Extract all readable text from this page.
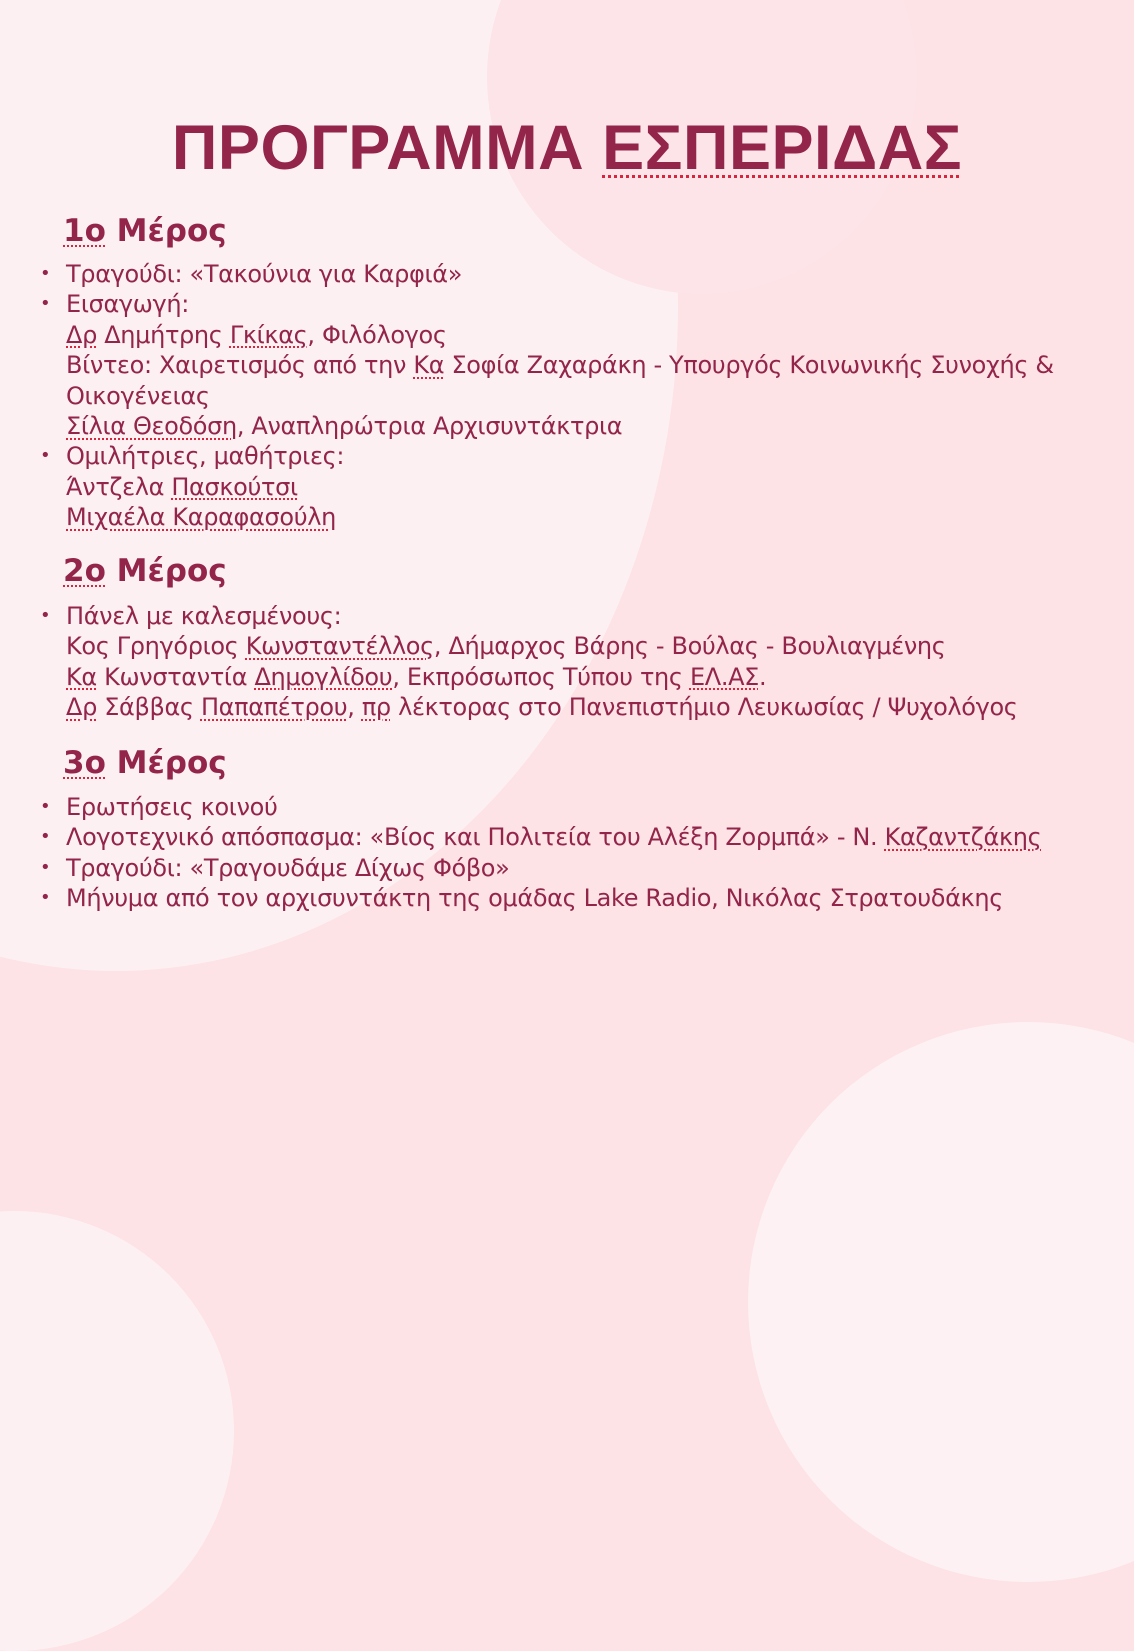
ΠΡΟΓΡΑΜΜΑ ΕΣΠΕΡΙΔΑΣ
1ο Μέρος
• Τραγούδι: «Τακούνια για Καρφιά»
• Εισαγωγή:
Δρ Δημήτρης Γκίκας, Φιλόλογος
Βίντεο: Χαιρετισμός από την Κα Σοφία Ζαχαράκη - Υπουργός Κοινωνικής Συνοχής &
Οικογένειας
Σίλια Θεοδόση, Αναπληρώτρια Αρχισυντάκτρια
• Ομιλήτριες, μαθήτριες:
Άντζελα Πασκούτσι
Μιχαέλα Καραφασούλη
2ο Μέρος
• Πάνελ με καλεσμένους:
Κος Γρηγόριος Κωνσταντέλλος, Δήμαρχος Βάρης - Βούλας - Βουλιαγμένης
Κα Κωνσταντία Δημογλίδου, Εκπρόσωπος Τύπου της ΕΛ.ΑΣ.
Δρ Σάββας Παπαπέτρου, πρ λέκτορας στο Πανεπιστήμιο Λευκωσίας / Ψυχολόγος
3ο Μέρος
• Ερωτήσεις κοινού
• Λογοτεχνικό απόσπασμα: «Βίος και Πολιτεία του Αλέξη Ζορμπά» - Ν. Καζαντζάκης
• Τραγούδι: «Τραγουδάμε Δίχως Φόβο»
• Μήνυμα από τον αρχισυντάκτη της ομάδας Lake Radio, Νικόλας Στρατουδάκης
